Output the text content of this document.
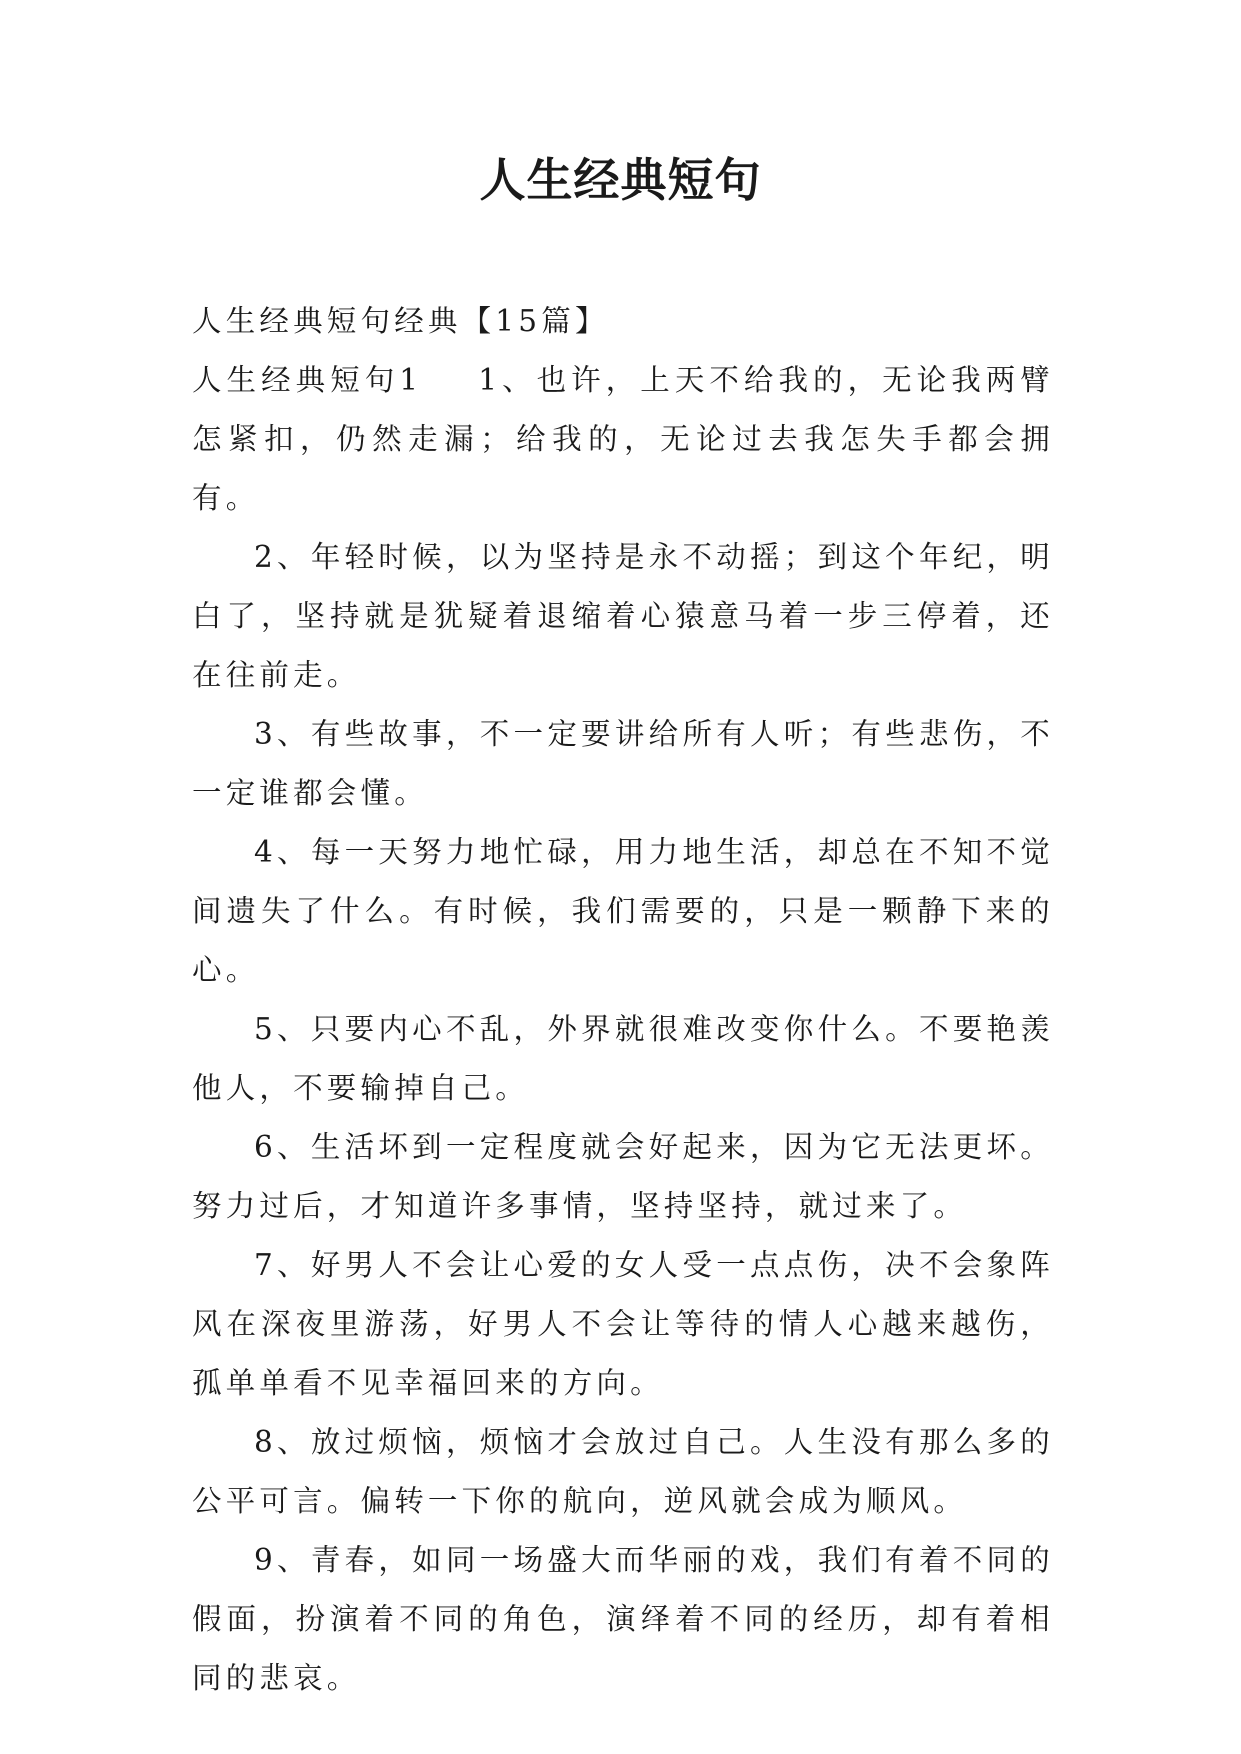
人生经典短句

人生经典短句经典【15篇】

人生经典短句1 1、也许，上天不给我的，无论我两臂怎紧扣，仍然走漏；给我的，无论过去我怎失手都会拥有。

2、年轻时候，以为坚持是永不动摇；到这个年纪，明白了，坚持就是犹疑着退缩着心猿意马着一步三停着，还在往前走。

3、有些故事，不一定要讲给所有人听；有些悲伤，不一定谁都会懂。

4、每一天努力地忙碌，用力地生活，却总在不知不觉间遗失了什么。有时候，我们需要的，只是一颗静下来的心。

5、只要内心不乱，外界就很难改变你什么。不要艳羡他人，不要输掉自己。

6、生活坏到一定程度就会好起来，因为它无法更坏。努力过后，才知道许多事情，坚持坚持，就过来了。

7、好男人不会让心爱的女人受一点点伤，决不会象阵风在深夜里游荡，好男人不会让等待的情人心越来越伤，孤单单看不见幸福回来的方向。

8、放过烦恼，烦恼才会放过自己。人生没有那么多的公平可言。偏转一下你的航向，逆风就会成为顺风。

9、青春，如同一场盛大而华丽的戏，我们有着不同的假面，扮演着不同的角色，演绎着不同的经历，却有着相同的悲哀。
